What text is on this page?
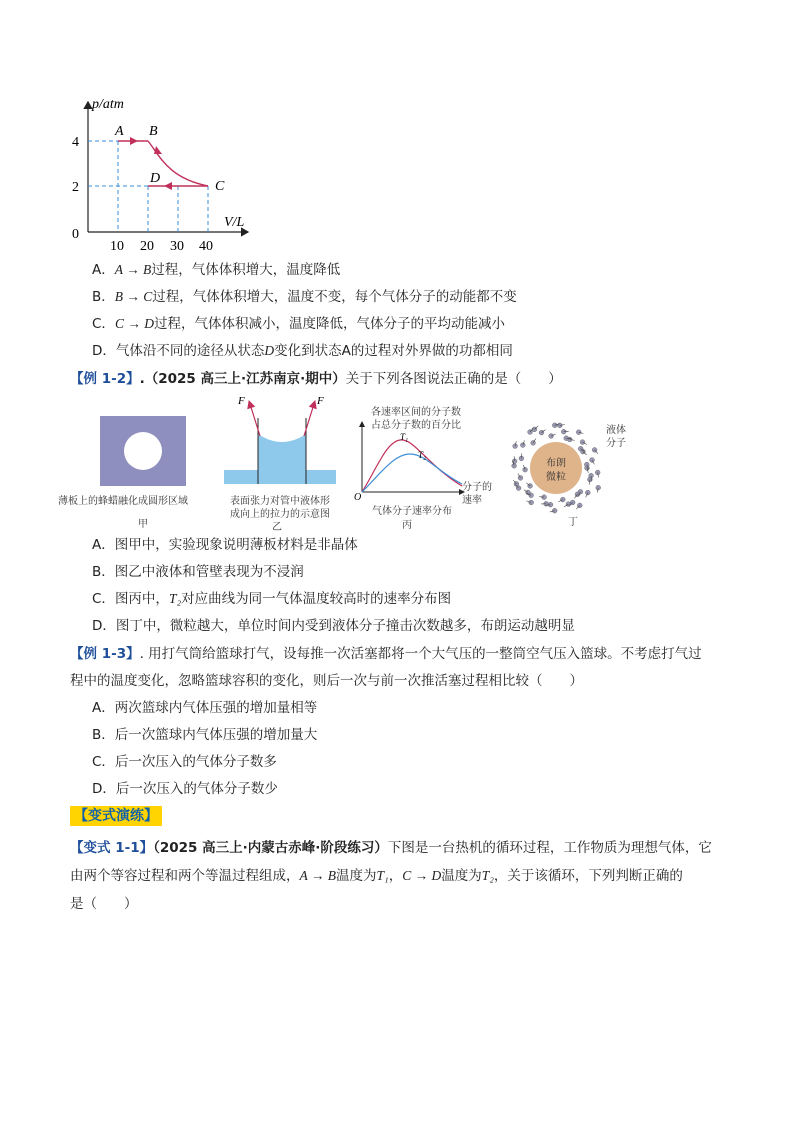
p/atm
V/L
0
4
2
10 20 30 40
A B
C
D
A．A → B过程，气体体积增大，温度降低
B．B → C过程，气体体积增大，温度不变，每个气体分子的动能都不变
C．C → D过程，气体体积减小，温度降低，气体分子的平均动能减小
D．气体沿不同的途径从状态D变化到状态A的过程对外界做的功都相同
【例 1-2】.（2025 高三上·江苏南京·期中）关于下列各图说法正确的是（　　）
薄板上的蜂蜡融化成圆形区域
甲
F	F
表面张力对管中液体形
成向上的拉力的示意图
乙
T₁
T₂
O
各速率区间的分子数
占总分子数的百分比
分子的
速率
气体分子速率分布
丙
布朗
微粒
液体
分子
丁
A．图甲中，实验现象说明薄板材料是非晶体
B．图乙中液体和管壁表现为不浸润
C．图丙中，T₂对应曲线为同一气体温度较高时的速率分布图
D．图丁中，微粒越大，单位时间内受到液体分子撞击次数越多，布朗运动越明显
【例 1-3】. 用打气筒给篮球打气，设每推一次活塞都将一个大气压的一整筒空气压入篮球。不考虑打气过
程中的温度变化，忽略篮球容积的变化，则后一次与前一次推活塞过程相比较（　　）
A．两次篮球内气体压强的增加量相等
B．后一次篮球内气体压强的增加量大
C．后一次压入的气体分子数多
D．后一次压入的气体分子数少
【变式演练】
【变式 1-1】（2025 高三上·内蒙古赤峰·阶段练习）下图是一台热机的循环过程，工作物质为理想气体，它
由两个等容过程和两个等温过程组成，A → B温度为T₁，C → D温度为T₂，关于该循环，下列判断正确的
是（　　）
